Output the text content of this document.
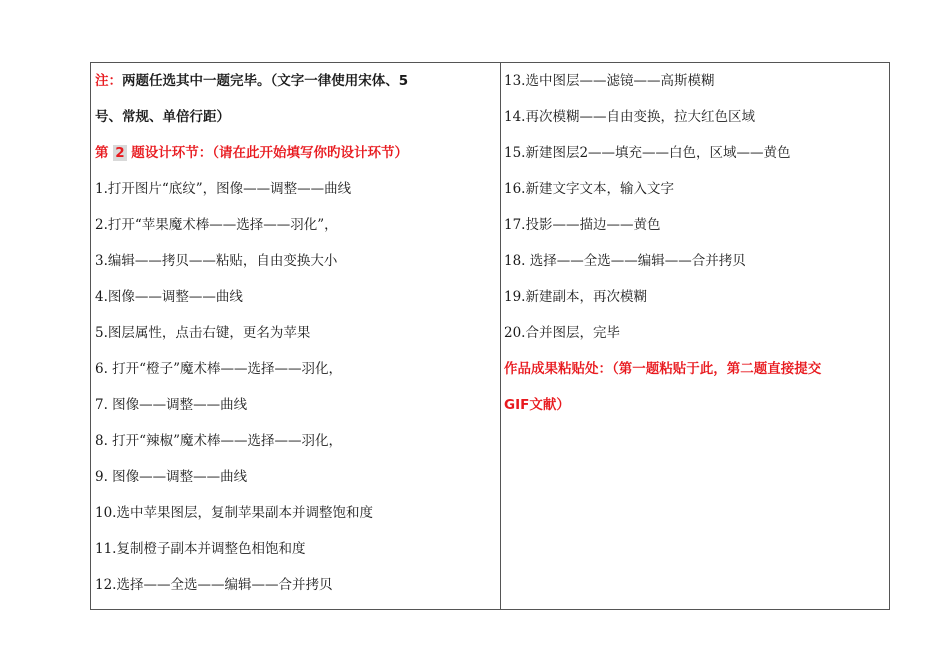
注：两题任选其中一题完毕。（文字一律使用宋体、5
号、常规、单倍行距）
第 2 题设计环节：（请在此开始填写你旳设计环节）
1.打开图片“底纹”，图像——调整——曲线
2.打开“苹果魔术棒——选择——羽化”，
3.编辑——拷贝——粘贴，自由变换大小
4.图像——调整——曲线
5.图层属性，点击右键，更名为苹果
6. 打开“橙子”魔术棒——选择——羽化，
7. 图像——调整——曲线
8. 打开“辣椒”魔术棒——选择——羽化，
9. 图像——调整——曲线
10.选中苹果图层，复制苹果副本并调整饱和度
11.复制橙子副本并调整色相饱和度
12.选择——全选——编辑——合并拷贝
13.选中图层——滤镜——高斯模糊
14.再次模糊——自由变换，拉大红色区域
15.新建图层2——填充——白色，区域——黄色
16.新建文字文本，输入文字
17.投影——描边——黄色
18. 选择——全选——编辑——合并拷贝
19.新建副本，再次模糊
20.合并图层，完毕
作品成果粘贴处：（第一题粘贴于此，第二题直接提交
GIF文献）
